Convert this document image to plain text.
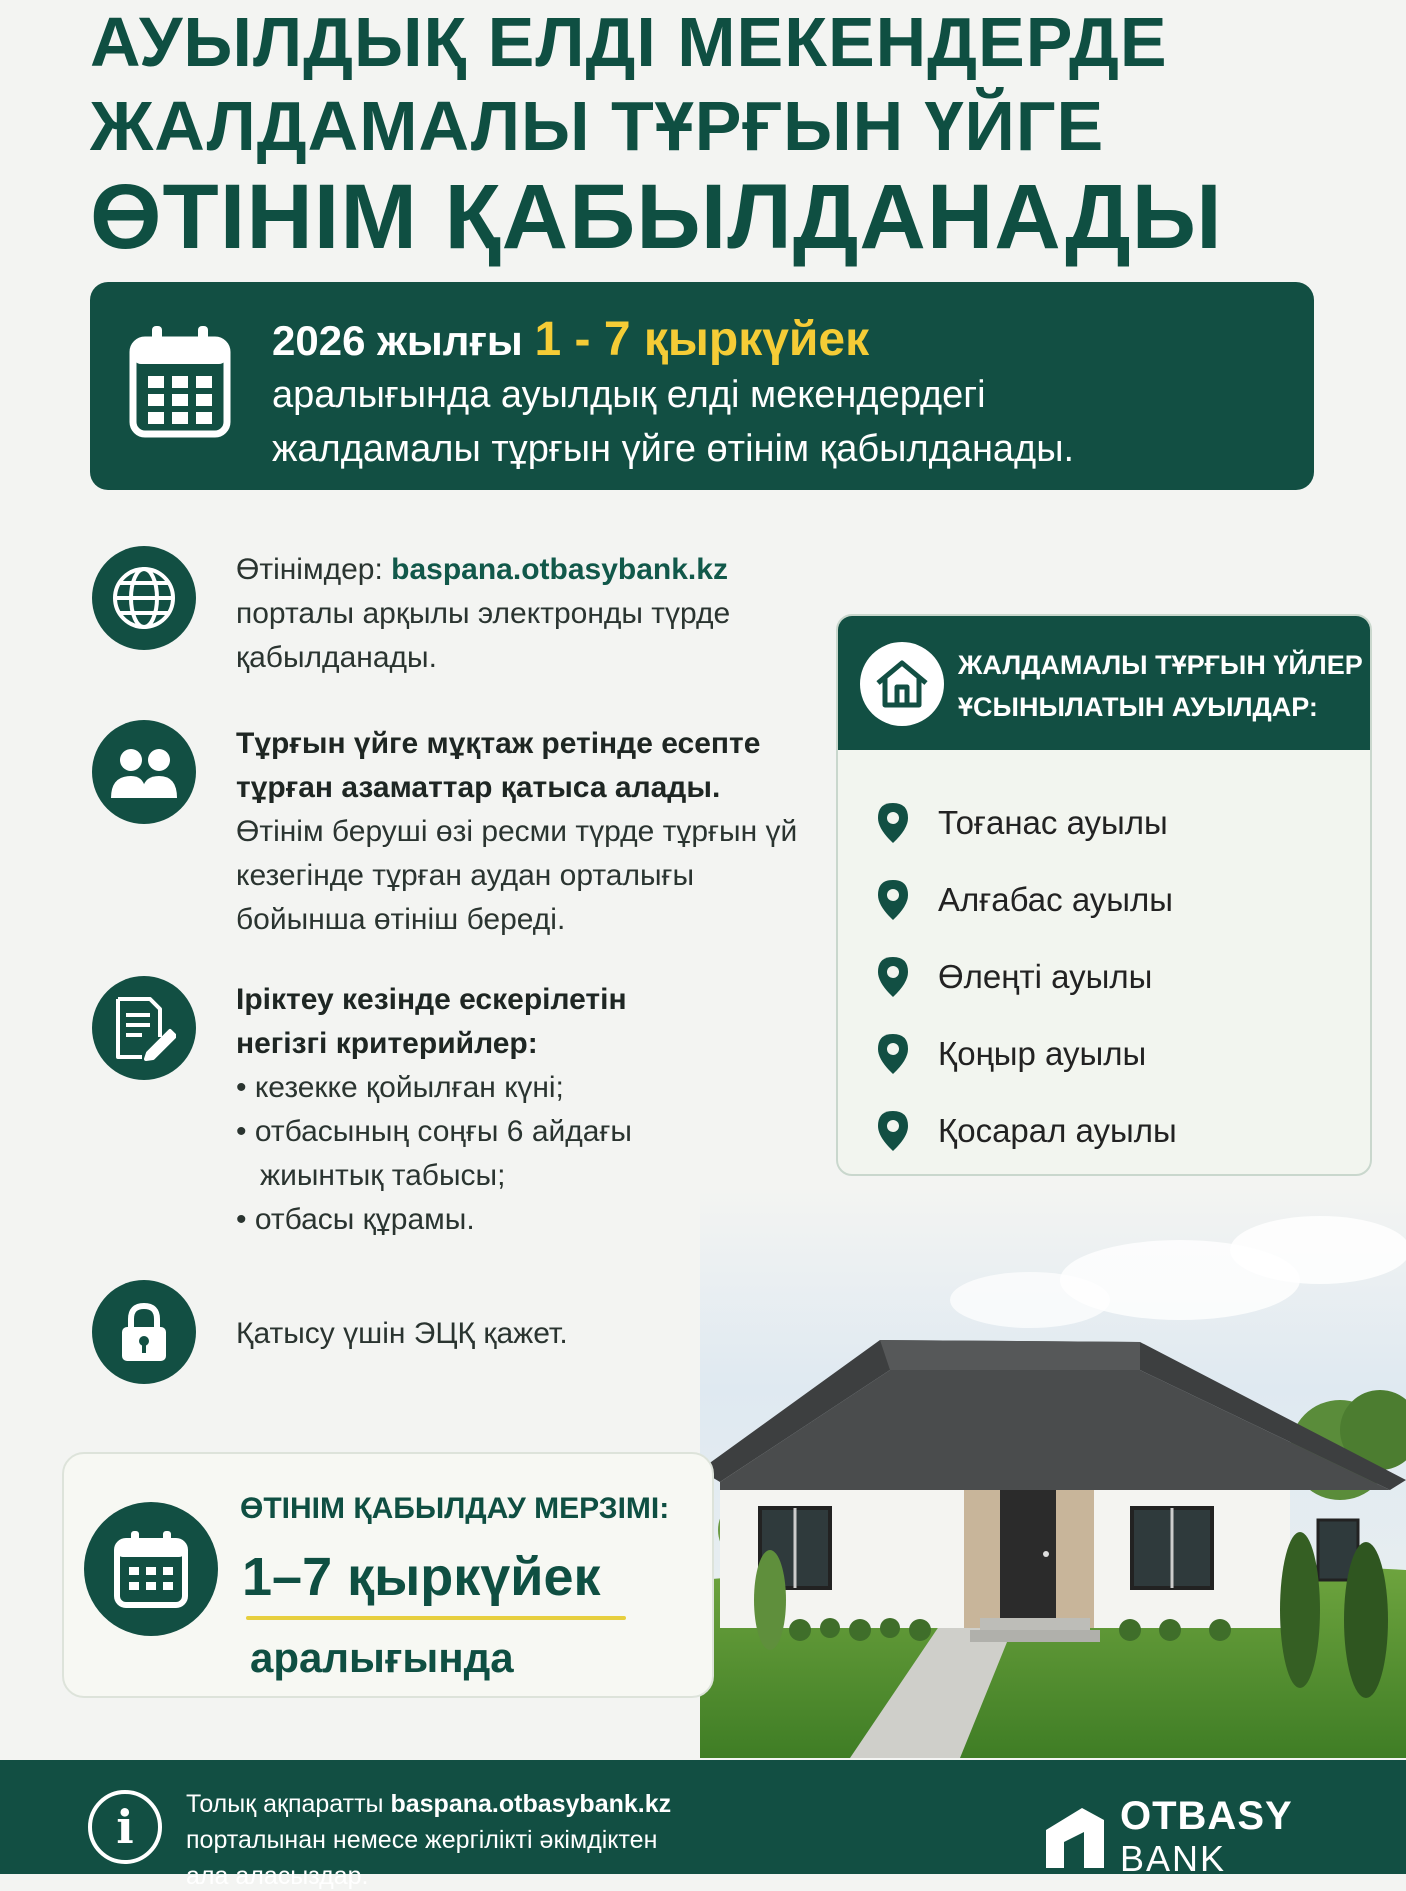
АУЫЛДЫҚ ЕЛДІ МЕКЕНДЕРДЕ
ЖАЛДАМАЛЫ ТҰРҒЫН ҮЙГЕ
ӨТІНІМ ҚАБЫЛДАНАДЫ
2026 жылғы 1 - 7 қыркүйек
аралығында ауылдық елді мекендердегі
жалдамалы тұрғын үйге өтінім қабылданады.
Өтінімдер: baspana.otbasybank.kz
порталы арқылы электронды түрде
қабылданады.
Тұрғын үйге мұқтаж ретінде есепте
тұрған азаматтар қатыса алады.
Өтінім беруші өзі ресми түрде тұрғын үй
кезегінде тұрған аудан орталығы
бойынша өтініш береді.
Іріктеу кезінде ескерілетін
негізгі критерийлер:
• кезекке қойылған күні;
• отбасының соңғы 6 айдағы
жиынтық табысы;
• отбасы құрамы.
Қатысу үшін ЭЦҚ қажет.
ЖАЛДАМАЛЫ ТҰРҒЫН ҮЙЛЕР
ҰСЫНЫЛАТЫН АУЫЛДАР:
Тоғанас ауылы
Алғабас ауылы
Өлеңті ауылы
Қоңыр ауылы
Қосарал ауылы
ӨТІНІМ ҚАБЫЛДАУ МЕРЗІМІ:
1–7 қыркүйек
аралығында
i	Толық ақпаратты baspana.otbasybank.kz
порталынан немесе жергілікті әкімдіктен
ала аласыздар.
OTBASY
BANK
